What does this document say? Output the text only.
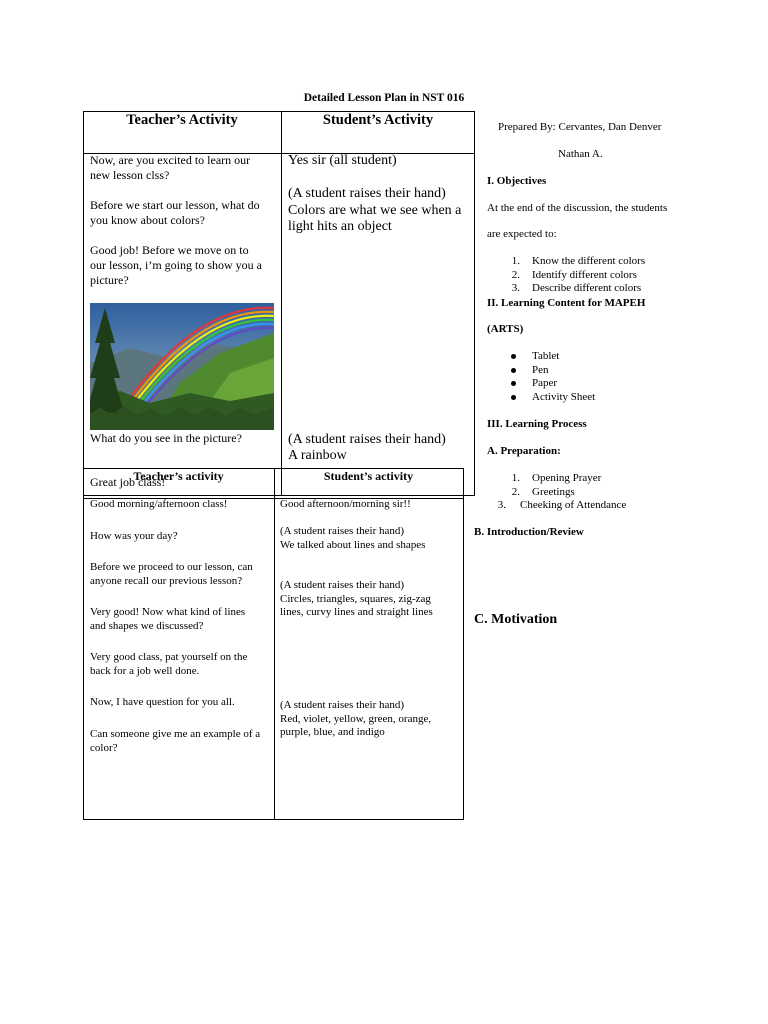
Detailed Lesson Plan in NST 016
Teacher’s Activity	Student’s Activity
Now, are you excited to learn our
new lesson clss?
Before we start our lesson, what do
you know about colors?
Good job! Before we move on to
our lesson, i’m going to show you a
picture?
What do you see in the picture?
Great job class!
Yes sir (all student)
(A student raises their hand)
Colors are what we see when a
light hits an object
(A student raises their hand)
A rainbow
Teacher’s activity	Student’s activity
Good morning/afternoon class!
How was your day?
Before we proceed to our lesson, can
anyone recall our previous lesson?
Very good! Now what kind of lines
and shapes we discussed?
Very good class, pat yourself on the
back for a job well done.
Now, I have question for you all.
Can someone give me an example of a
color?
Good afternoon/morning sir!!
(A student raises their hand)
We talked about lines and shapes
(A student raises their hand)
Circles, triangles, squares, zig-zag
lines, curvy lines and straight lines
(A student raises their hand)
Red, violet, yellow, green, orange,
purple, blue, and indigo
Prepared By: Cervantes, Dan Denver
Nathan A.
I. Objectives
At the end of the discussion, the students
are expected to:
1. Know the different colors
2. Identify different colors
3. Describe different colors
II. Learning Content for MAPEH
(ARTS)
Tablet
Pen
Paper
Activity Sheet
III. Learning Process
A. Preparation:
1. Opening Prayer
2. Greetings
3. Cheeking of Attendance
B. Introduction/Review
C. Motivation
